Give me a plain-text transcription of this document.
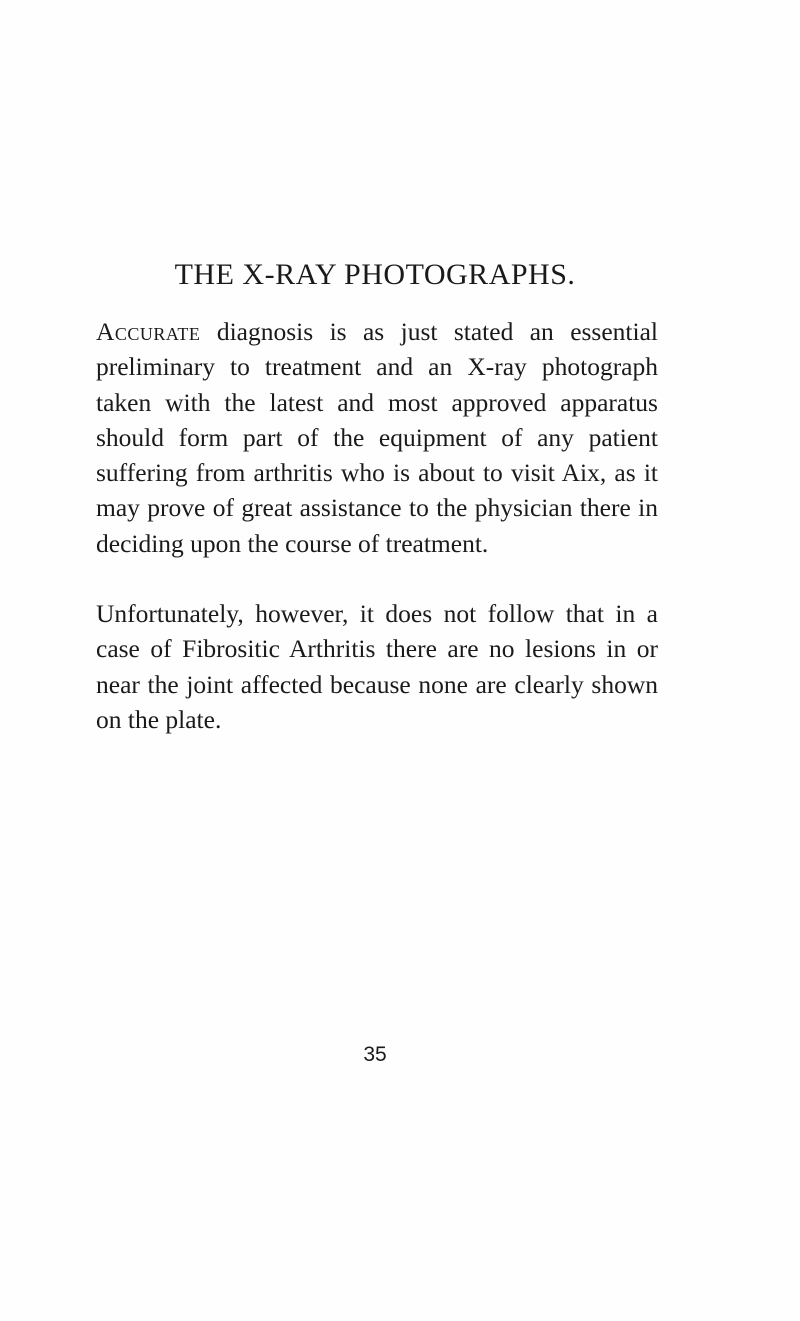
THE X-RAY PHOTOGRAPHS.

Accurate diagnosis is as just stated an essential preliminary to treatment and an X-ray photograph taken with the latest and most approved apparatus should form part of the equipment of any patient suffering from arthritis who is about to visit Aix, as it may prove of great assistance to the physician there in deciding upon the course of treatment.

Unfortunately, however, it does not follow that in a case of Fibrositic Arthritis there are no lesions in or near the joint affected because none are clearly shown on the plate.

35
